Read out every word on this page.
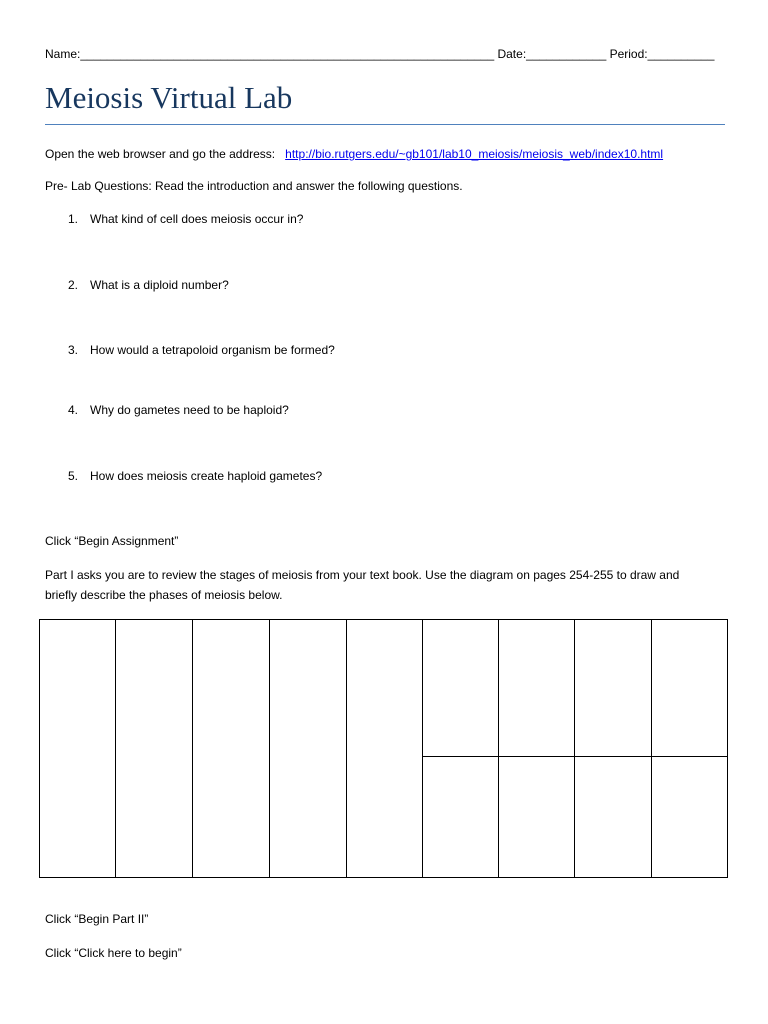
Name:______________________________________________________________ Date:____________ Period:__________
Meiosis Virtual Lab
Open the web browser and go the address: http://bio.rutgers.edu/~gb101/lab10_meiosis/meiosis_web/index10.html
Pre- Lab Questions: Read the introduction and answer the following questions.
1. What kind of cell does meiosis occur in?
2. What is a diploid number?
3. How would a tetrapoloid organism be formed?
4. Why do gametes need to be haploid?
5. How does meiosis create haploid gametes?
Click “Begin Assignment”
Part I asks you are to review the stages of meiosis from your text book. Use the diagram on pages 254-255 to draw and
briefly describe the phases of meiosis below.

Click “Begin Part II”
Click “Click here to begin”
